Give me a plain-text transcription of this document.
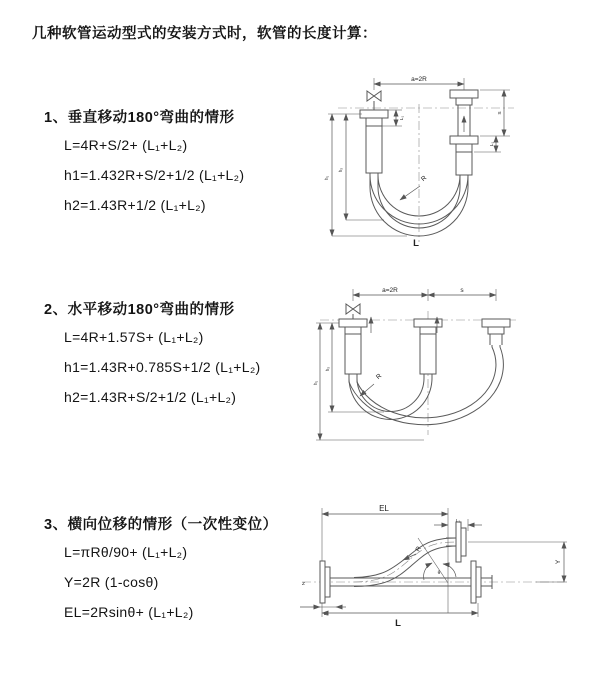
几种软管运动型式的安装方式时，软管的长度计算：
1、垂直移动180°弯曲的情形
L=4R+S/2+ (L₁+L₂)
h1=1.432R+S/2+1/2 (L₁+L₂)
h2=1.43R+1/2 (L₁+L₂)
a=2R
h₁
h₂
L₁
S
L₁
R
L
2、水平移动180°弯曲的情形
L=4R+1.57S+ (L₁+L₂)
h1=1.43R+0.785S+1/2 (L₁+L₂)
h2=1.43R+S/2+1/2 (L₁+L₂)
a=2R	s
h₁
h₂
R
3、横向位移的情形（一次性变位）
L=πRθ/90+ (L₁+L₂)
Y=2R (1-cosθ)
EL=2Rsinθ+ (L₁+L₂)
Z
EL
L₁
Y
L₂
L
θ
R
